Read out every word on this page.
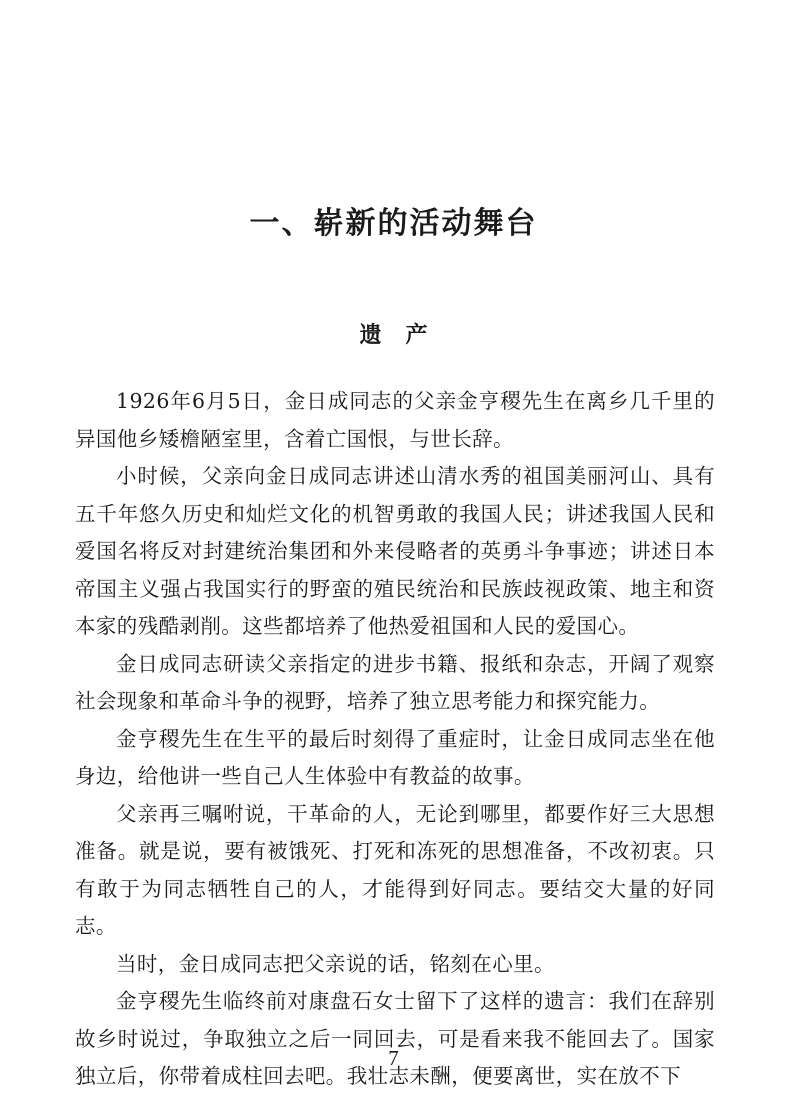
一、崭新的活动舞台
遗产

1926年6月5日，金日成同志的父亲金亨稷先生在离乡几千里的异国他乡矮檐陋室里，含着亡国恨，与世长辞。

小时候，父亲向金日成同志讲述山清水秀的祖国美丽河山、具有五千年悠久历史和灿烂文化的机智勇敢的我国人民；讲述我国人民和爱国名将反对封建统治集团和外来侵略者的英勇斗争事迹；讲述日本帝国主义强占我国实行的野蛮的殖民统治和民族歧视政策、地主和资本家的残酷剥削。这些都培养了他热爱祖国和人民的爱国心。

金日成同志研读父亲指定的进步书籍、报纸和杂志，开阔了观察社会现象和革命斗争的视野，培养了独立思考能力和探究能力。

金亨稷先生在生平的最后时刻得了重症时，让金日成同志坐在他身边，给他讲一些自己人生体验中有教益的故事。

父亲再三嘱咐说，干革命的人，无论到哪里，都要作好三大思想准备。就是说，要有被饿死、打死和冻死的思想准备，不改初衷。只有敢于为同志牺牲自己的人，才能得到好同志。要结交大量的好同志。

当时，金日成同志把父亲说的话，铭刻在心里。

金亨稷先生临终前对康盘石女士留下了这样的遗言：我们在辞别故乡时说过，争取独立之后一同回去，可是看来我不能回去了。国家独立后，你带着成柱回去吧。我壮志未酬，便要离世，实在放不下

7
